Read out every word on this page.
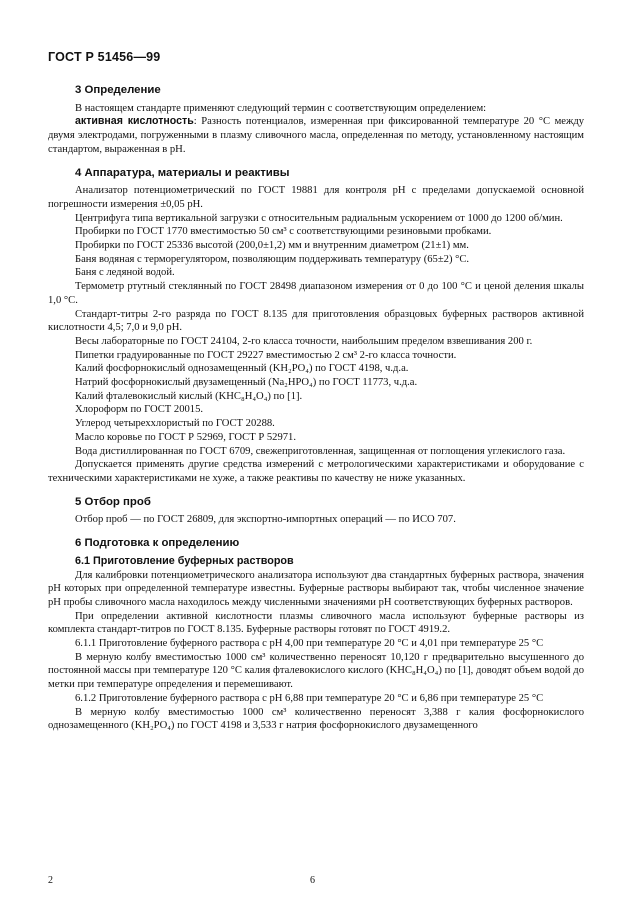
ГОСТ Р 51456—99
3 Определение

В настоящем стандарте применяют следующий термин с соответствующим определением:

активная кислотность: Разность потенциалов, измеренная при фиксированной температуре 20 °С между двумя электродами, погруженными в плазму сливочного масла, определенная по методу, установленному настоящим стандартом, выраженная в рН.

4 Аппаратура, материалы и реактивы

Анализатор потенциометрический по ГОСТ 19881 для контроля рН с пределами допускаемой основной погрешности измерения ±0,05 рН.

Центрифуга типа вертикальной загрузки с относительным радиальным ускорением от 1000 до 1200 об/мин.

Пробирки по ГОСТ 1770 вместимостью 50 см³ с соответствующими резиновыми пробками.

Пробирки по ГОСТ 25336 высотой (200,0±1,2) мм и внутренним диаметром (21±1) мм.

Баня водяная с терморегулятором, позволяющим поддерживать температуру (65±2) °С.

Баня с ледяной водой.

Термометр ртутный стеклянный по ГОСТ 28498 диапазоном измерения от 0 до 100 °С и ценой деления шкалы 1,0 °С.

Стандарт-титры 2-го разряда по ГОСТ 8.135 для приготовления образцовых буферных растворов активной кислотности 4,5; 7,0 и 9,0 рН.

Весы лабораторные по ГОСТ 24104, 2-го класса точности, наибольшим пределом взвешивания 200 г.

Пипетки градуированные по ГОСТ 29227 вместимостью 2 см³ 2-го класса точности.

Калий фосфорнокислый однозамещенный (KH₂PO₄) по ГОСТ 4198, ч.д.а.

Натрий фосфорнокислый двузамещенный (Na₂HPO₄) по ГОСТ 11773, ч.д.а.

Калий фталевокислый кислый (KHC₈H₄O₄) по [1].

Хлороформ по ГОСТ 20015.

Углерод четыреххлористый по ГОСТ 20288.

Масло коровье по ГОСТ Р 52969, ГОСТ Р 52971.

Вода дистиллированная по ГОСТ 6709, свежеприготовленная, защищенная от поглощения углекислого газа.

Допускается применять другие средства измерений с метрологическими характеристиками и оборудование с техническими характеристиками не хуже, а также реактивы по качеству не ниже указанных.

5 Отбор проб

Отбор проб — по ГОСТ 26809, для экспортно-импортных операций — по ИСО 707.

6 Подготовка к определению
6.1 Приготовление буферных растворов

Для калибровки потенциометрического анализатора используют два стандартных буферных раствора, значения рН которых при определенной температуре известны. Буферные растворы выбирают так, чтобы численное значение рН пробы сливочного масла находилось между численными значениями рН соответствующих буферных растворов.

При определении активной кислотности плазмы сливочного масла используют буферные растворы из комплекта стандарт-титров по ГОСТ 8.135. Буферные растворы готовят по ГОСТ 4919.2.

6.1.1 Приготовление буферного раствора с рН 4,00 при температуре 20 °С и 4,01 при температуре 25 °С

В мерную колбу вместимостью 1000 см³ количественно переносят 10,120 г предварительно высушенного до постоянной массы при температуре 120 °С калия фталевокислого кислого (KHC₈H₄O₄) по [1], доводят объем водой до метки при температуре определения и перемешивают.

6.1.2 Приготовление буферного раствора с рН 6,88 при температуре 20 °С и 6,86 при температуре 25 °С

В мерную колбу вместимостью 1000 см³ количественно переносят 3,388 г калия фосфорнокислого однозамещенного (KH₂PO₄) по ГОСТ 4198 и 3,533 г натрия фосфорнокислого двузамещенного

2	6
